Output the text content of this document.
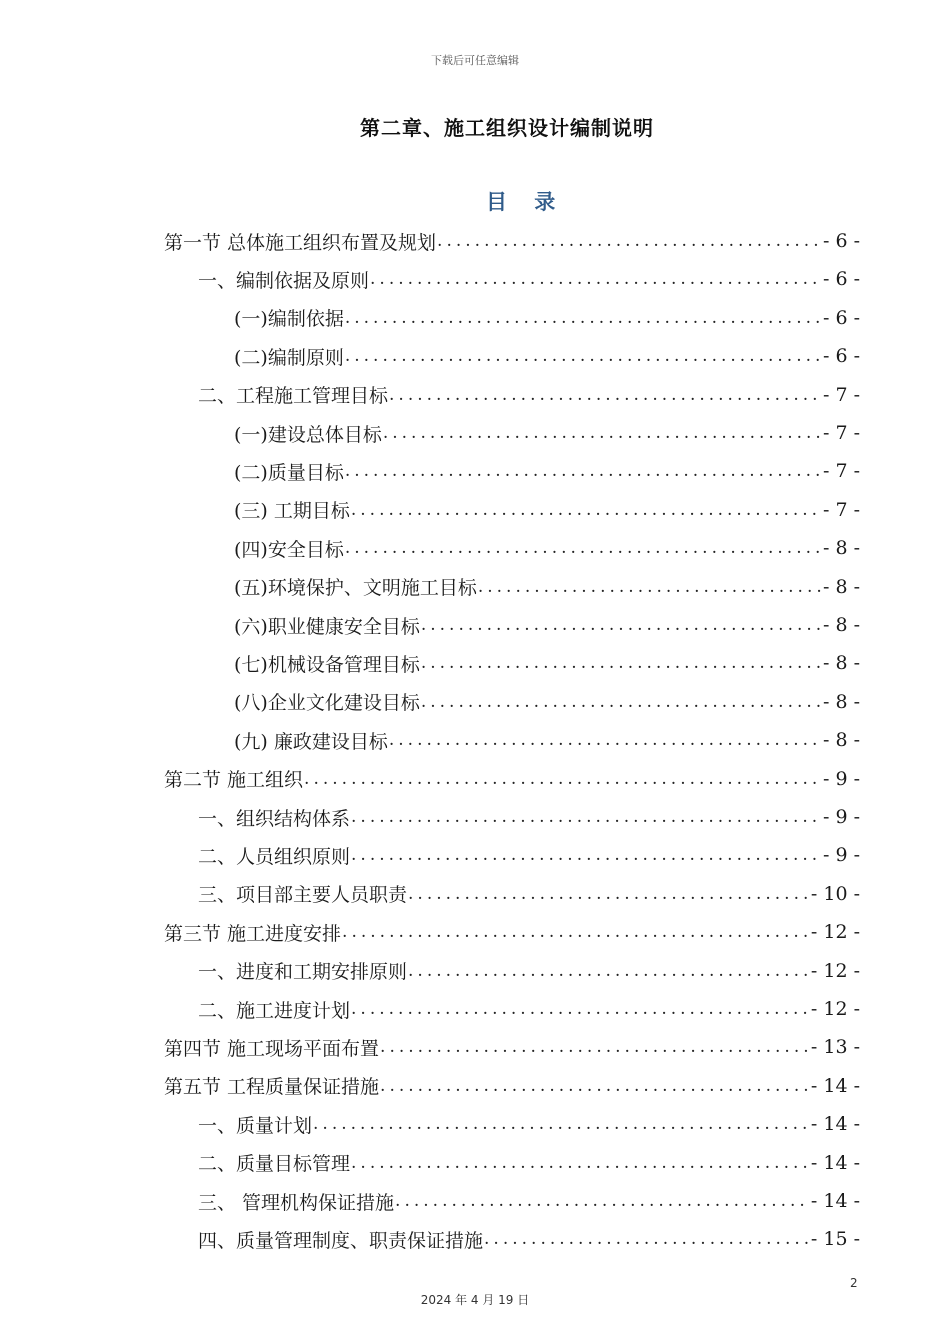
下载后可任意编辑
第二章、施工组织设计编制说明
目 录
第一节 总体施工组织布置及规划 .....	- 6 -
一、编制依据及原则 .....	- 6 -
(一)编制依据 .....	- 6 -
(二)编制原则 .....	- 6 -
二、工程施工管理目标 .....	- 7 -
(一)建设总体目标 .....	- 7 -
(二)质量目标 .....	- 7 -
(三) 工期目标 .....	- 7 -
(四)安全目标 .....	- 8 -
(五)环境保护、文明施工目标 .....	- 8 -
(六)职业健康安全目标 .....	- 8 -
(七)机械设备管理目标 .....	- 8 -
(八)企业文化建设目标 .....	- 8 -
(九) 廉政建设目标 .....	- 8 -
第二节 施工组织 .....	- 9 -
一、组织结构体系 .....	- 9 -
二、人员组织原则 .....	- 9 -
三、项目部主要人员职责 .....	- 10 -
第三节 施工进度安排 .....	- 12 -
一、进度和工期安排原则 .....	- 12 -
二、施工进度计划 .....	- 12 -
第四节 施工现场平面布置 .....	- 13 -
第五节 工程质量保证措施 .....	- 14 -
一、质量计划 .....	- 14 -
二、质量目标管理 .....	- 14 -
三、 管理机构保证措施 .....	- 14 -
四、质量管理制度、职责保证措施 .....	- 15 -
2
2024 年 4 月 19 日
